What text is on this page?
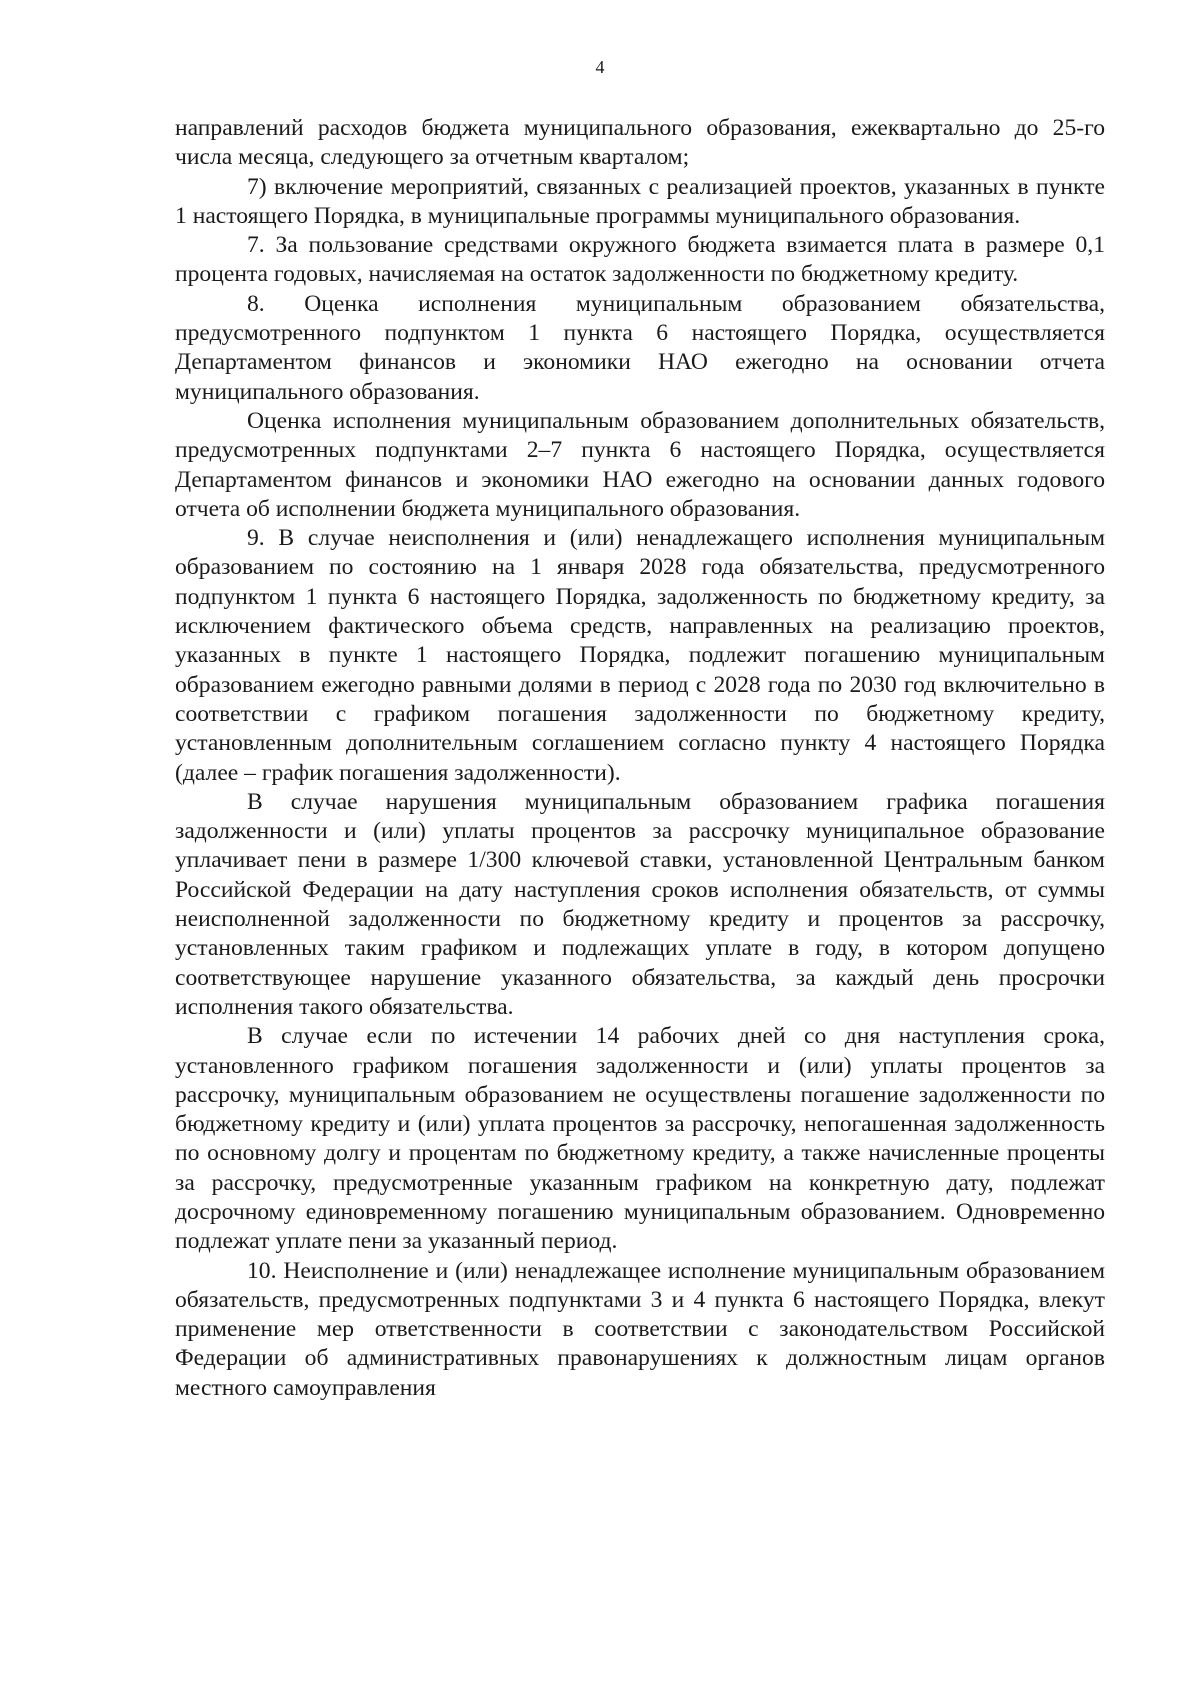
4

направлений расходов бюджета муниципального образования, ежеквартально до 25-го числа месяца, следующего за отчетным кварталом;

7) включение мероприятий, связанных с реализацией проектов, указанных в пункте 1 настоящего Порядка, в муниципальные программы муниципального образования.

7. За пользование средствами окружного бюджета взимается плата в размере 0,1 процента годовых, начисляемая на остаток задолженности по бюджетному кредиту.

8. Оценка исполнения муниципальным образованием обязательства, предусмотренного подпунктом 1 пункта 6 настоящего Порядка, осуществляется Департаментом финансов и экономики НАО ежегодно на основании отчета муниципального образования.

Оценка исполнения муниципальным образованием дополнительных обязательств, предусмотренных подпунктами 2–7 пункта 6 настоящего Порядка, осуществляется Департаментом финансов и экономики НАО ежегодно на основании данных годового отчета об исполнении бюджета муниципального образования.

9. В случае неисполнения и (или) ненадлежащего исполнения муниципальным образованием по состоянию на 1 января 2028 года обязательства, предусмотренного подпунктом 1 пункта 6 настоящего Порядка, задолженность по бюджетному кредиту, за исключением фактического объема средств, направленных на реализацию проектов, указанных в пункте 1 настоящего Порядка, подлежит погашению муниципальным образованием ежегодно равными долями в период с 2028 года по 2030 год включительно в соответствии с графиком погашения задолженности по бюджетному кредиту, установленным дополнительным соглашением согласно пункту 4 настоящего Порядка (далее – график погашения задолженности).

В случае нарушения муниципальным образованием графика погашения задолженности и (или) уплаты процентов за рассрочку муниципальное образование уплачивает пени в размере 1/300 ключевой ставки, установленной Центральным банком Российской Федерации на дату наступления сроков исполнения обязательств, от суммы неисполненной задолженности по бюджетному кредиту и процентов за рассрочку, установленных таким графиком и подлежащих уплате в году, в котором допущено соответствующее нарушение указанного обязательства, за каждый день просрочки исполнения такого обязательства.

В случае если по истечении 14 рабочих дней со дня наступления срока, установленного графиком погашения задолженности и (или) уплаты процентов за рассрочку, муниципальным образованием не осуществлены погашение задолженности по бюджетному кредиту и (или) уплата процентов за рассрочку, непогашенная задолженность по основному долгу и процентам по бюджетному кредиту, а также начисленные проценты за рассрочку, предусмотренные указанным графиком на конкретную дату, подлежат досрочному единовременному погашению муниципальным образованием. Одновременно подлежат уплате пени за указанный период.

10. Неисполнение и (или) ненадлежащее исполнение муниципальным образованием обязательств, предусмотренных подпунктами 3 и 4 пункта 6 настоящего Порядка, влекут применение мер ответственности в соответствии с законодательством Российской Федерации об административных правонарушениях к должностным лицам органов местного самоуправления
